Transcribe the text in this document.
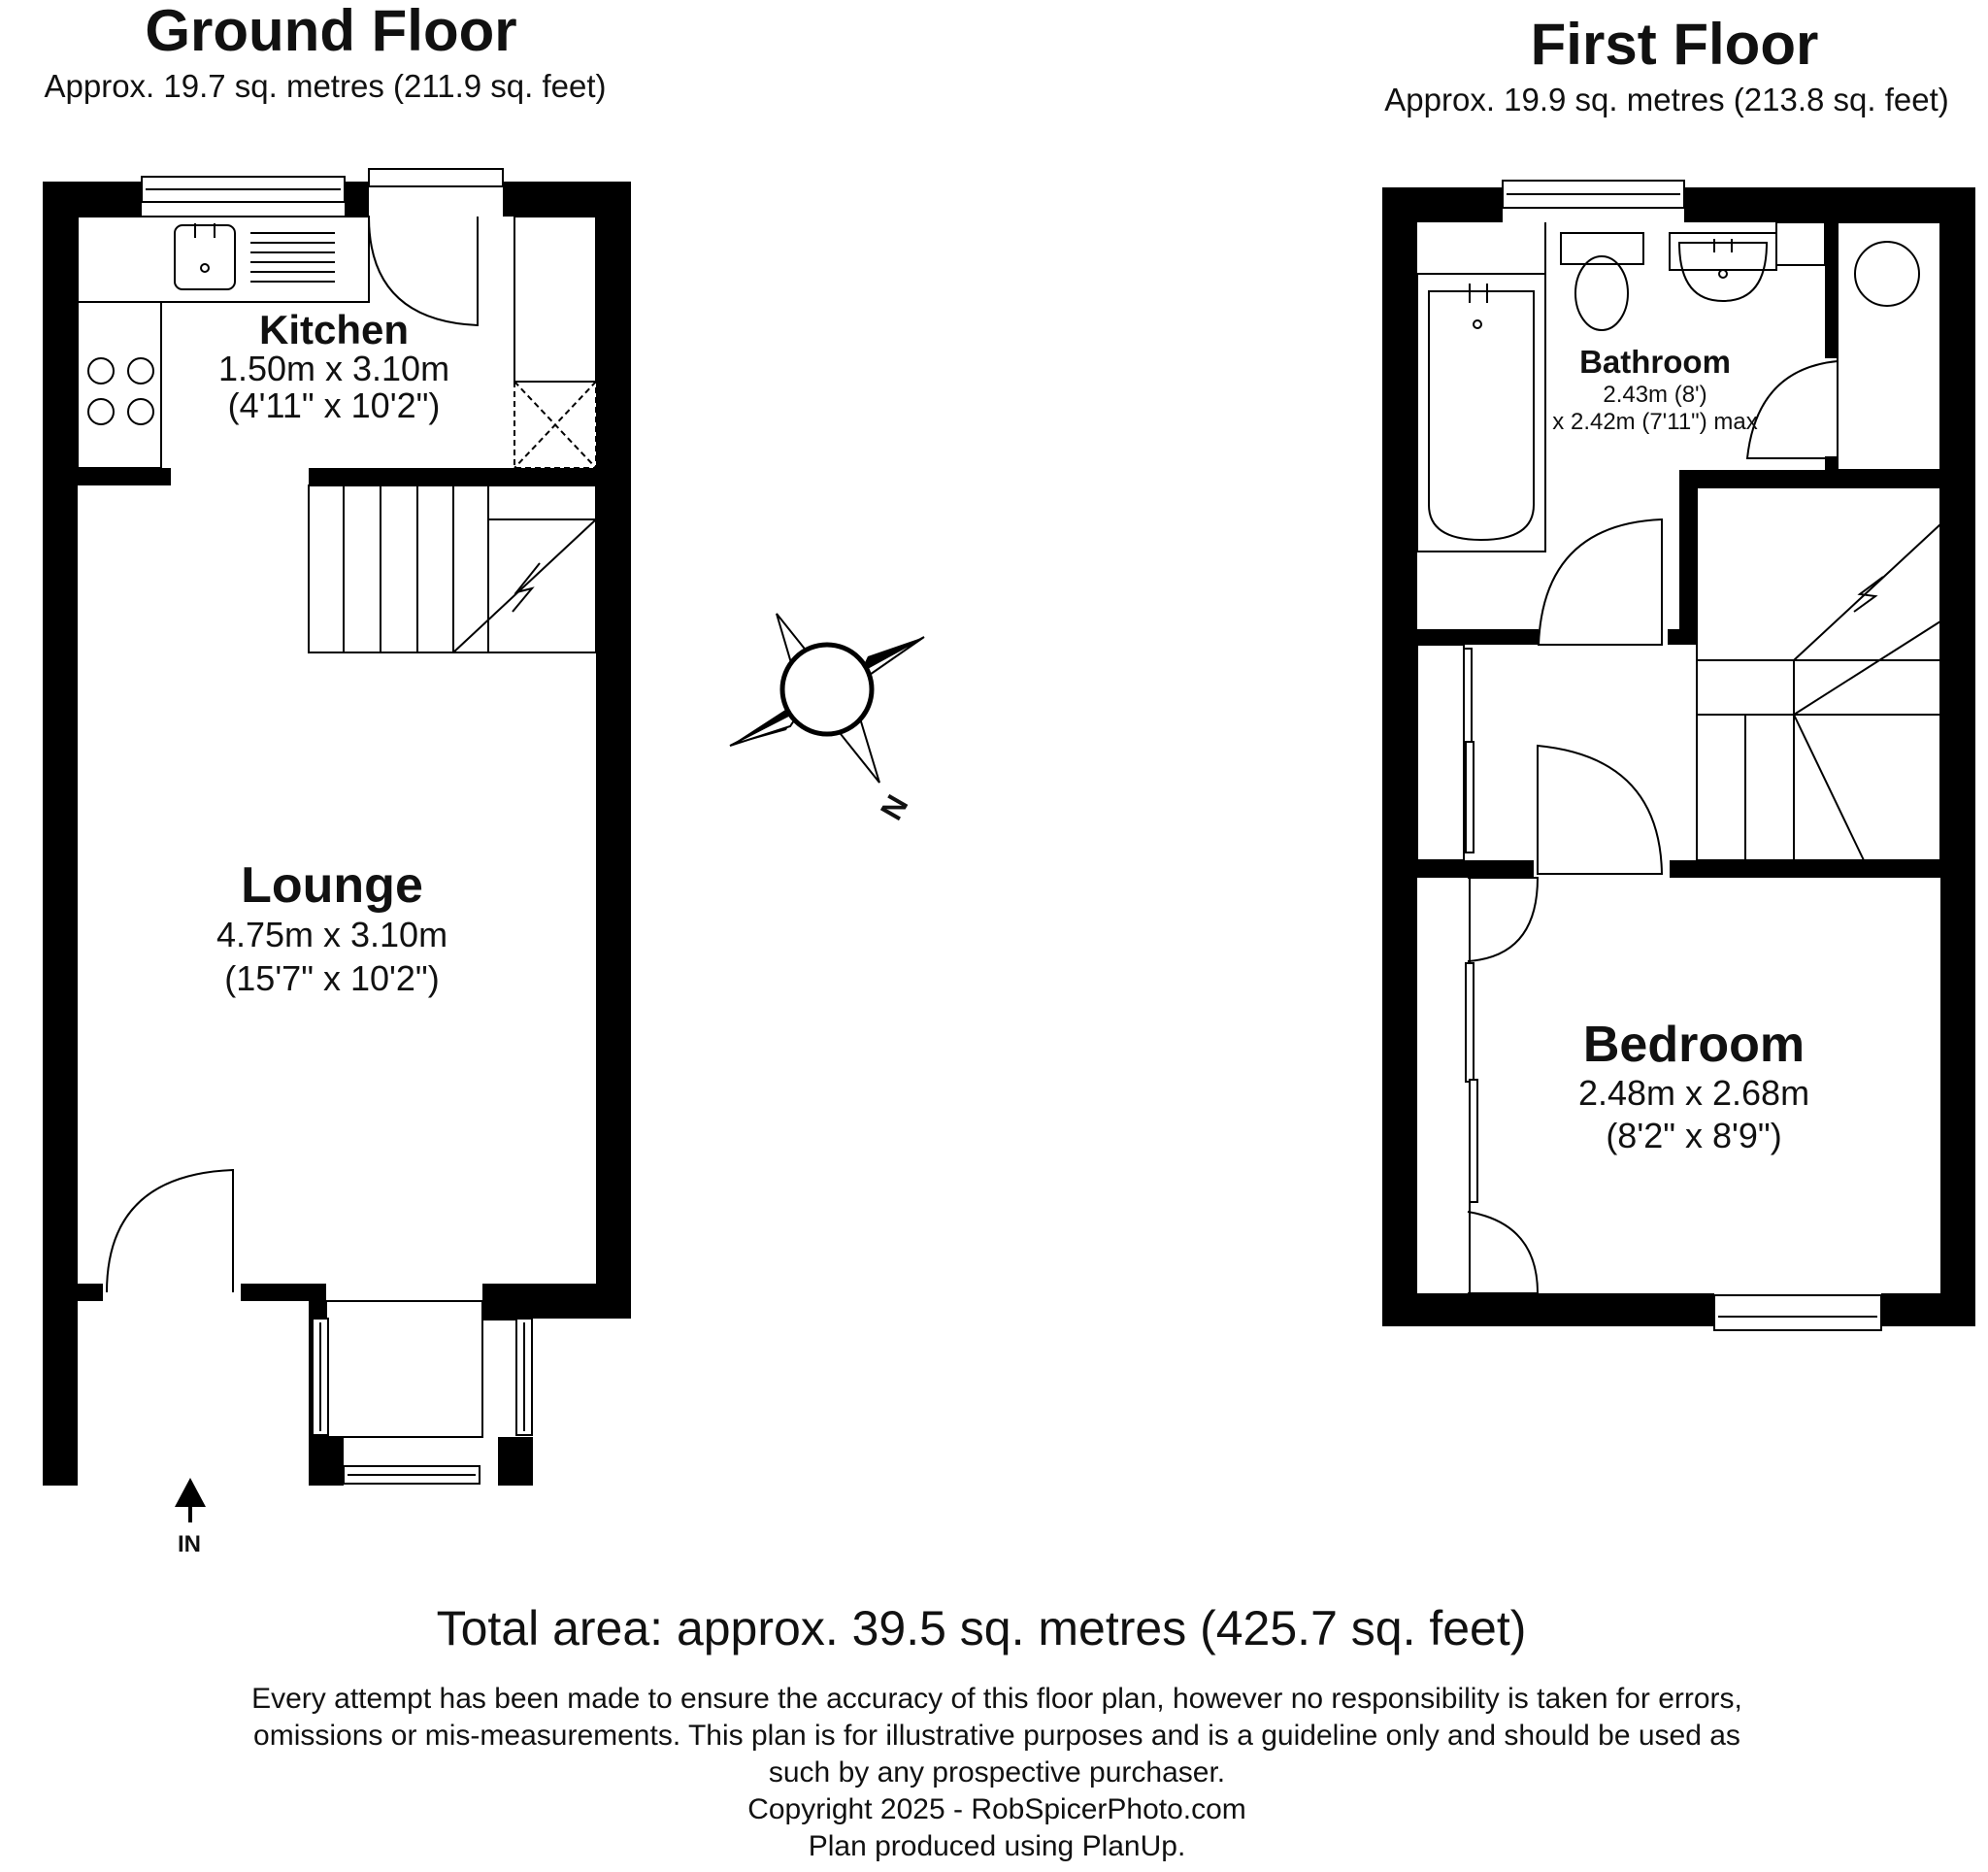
Ground Floor
Approx. 19.7 sq. metres (211.9 sq. feet)
First Floor
Approx. 19.9 sq. metres (213.8 sq. feet)
IN
Kitchen
1.50m x 3.10m
(4'11" x 10'2")
Lounge
4.75m x 3.10m
(15'7" x 10'2")
N
Bathroom
2.43m (8')
x 2.42m (7'11") max
Bedroom
2.48m x 2.68m
(8'2" x 8'9")
Total area: approx. 39.5 sq. metres (425.7 sq. feet)
Every attempt has been made to ensure the accuracy of this floor plan, however no responsibility is taken for errors,
omissions or mis-measurements. This plan is for illustrative purposes and is a guideline only and should be used as
such by any prospective purchaser.
Copyright 2025 - RobSpicerPhoto.com
Plan produced using PlanUp.
